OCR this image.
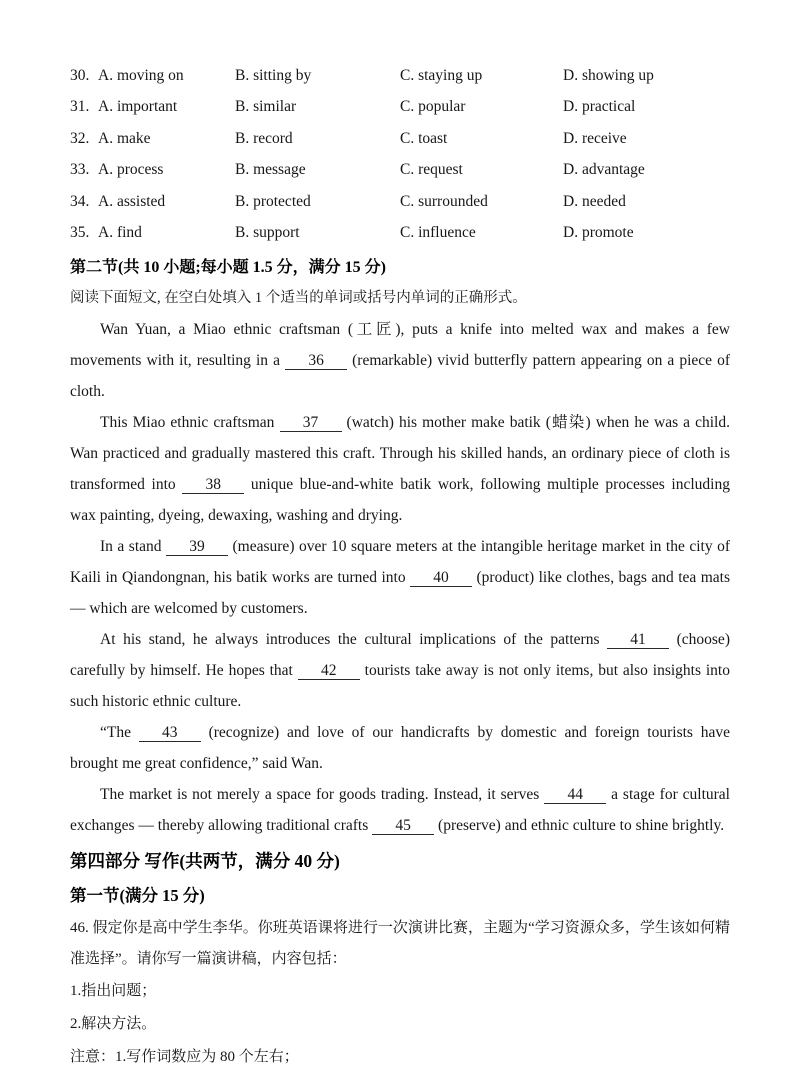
30. A. moving on	B. sitting by	C. staying up	D. showing up
31. A. important	B. similar	C. popular	D. practical
32. A. make	B. record	C. toast	D. receive
33. A. process	B. message	C. request	D. advantage
34. A. assisted	B. protected	C. surrounded	D. needed
35. A. find	B. support	C. influence	D. promote
第二节(共 10 小题;每小题 1.5 分，满分 15 分)

阅读下面短文, 在空白处填入 1 个适当的单词或括号内单词的正确形式。

Wan Yuan, a Miao ethnic craftsman (工匠), puts a knife into melted wax and makes a few movements with it, resulting in a 36 (remarkable) vivid butterfly pattern appearing on a piece of cloth.

This Miao ethnic craftsman 37 (watch) his mother make batik (蜡染) when he was a child. Wan practiced and gradually mastered this craft. Through his skilled hands, an ordinary piece of cloth is transformed into 38 unique blue-and-white batik work, following multiple processes including wax painting, dyeing, dewaxing, washing and drying.

In a stand 39 (measure) over 10 square meters at the intangible heritage market in the city of Kaili in Qiandongnan, his batik works are turned into 40 (product) like clothes, bags and tea mats — which are welcomed by customers.

At his stand, he always introduces the cultural implications of the patterns 41 (choose) carefully by himself. He hopes that 42 tourists take away is not only items, but also insights into such historic ethnic culture.

“The 43 (recognize) and love of our handicrafts by domestic and foreign tourists have brought me great confidence,” said Wan.

The market is not merely a space for goods trading. Instead, it serves 44 a stage for cultural exchanges — thereby allowing traditional crafts 45 (preserve) and ethnic culture to shine brightly.

第四部分 写作(共两节，满分 40 分)
第一节(满分 15 分)

46. 假定你是高中学生李华。你班英语课将进行一次演讲比赛，主题为“学习资源众多，学生该如何精准选择”。请你写一篇演讲稿，内容包括：

1.指出问题；

2.解决方法。

注意：1.写作词数应为 80 个左右；
